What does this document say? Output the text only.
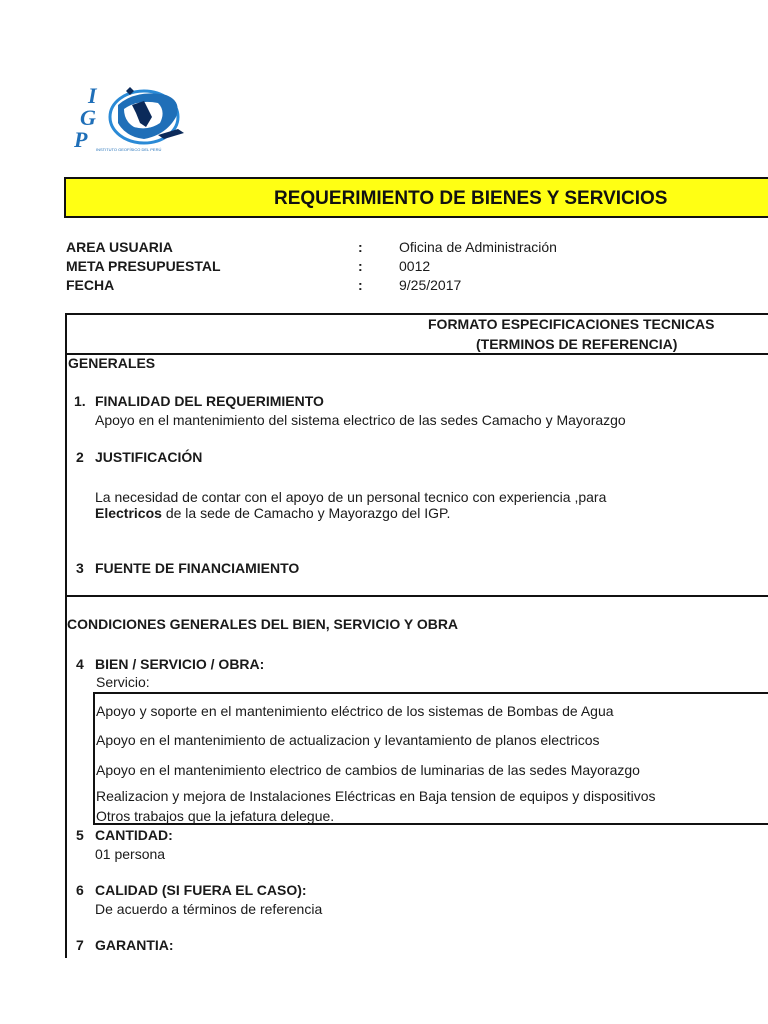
I
G
P INSTITUTO GEOFÍSICO DEL PERÚ
REQUERIMIENTO DE BIENES Y SERVICIOS
AREA USUARIA	:	Oficina de Administración
META PRESUPUESTAL	:	0012
FECHA	:	9/25/2017
FORMATO ESPECIFICACIONES TECNICAS
(TERMINOS DE REFERENCIA)
GENERALES
1. FINALIDAD DEL REQUERIMIENTO
Apoyo en el mantenimiento del sistema electrico de las sedes Camacho y Mayorazgo
2 JUSTIFICACIÓN
La necesidad de contar con el apoyo de un personal tecnico con experiencia ,para
Electricos de la sede de Camacho y Mayorazgo del IGP.
3 FUENTE DE FINANCIAMIENTO
CONDICIONES GENERALES DEL BIEN, SERVICIO Y OBRA
4 BIEN / SERVICIO / OBRA:
Servicio:
Apoyo y soporte en el mantenimiento eléctrico de los sistemas de Bombas de Agua
Apoyo en el mantenimiento de actualizacion y levantamiento de planos electricos
Apoyo en el mantenimiento electrico de cambios de luminarias de las sedes Mayorazgo
Realizacion y mejora de Instalaciones Eléctricas en Baja tension de equipos y dispositivos
Otros trabajos que la jefatura delegue.
5 CANTIDAD:
01 persona
6 CALIDAD (SI FUERA EL CASO):
De acuerdo a términos de referencia
7 GARANTIA:
